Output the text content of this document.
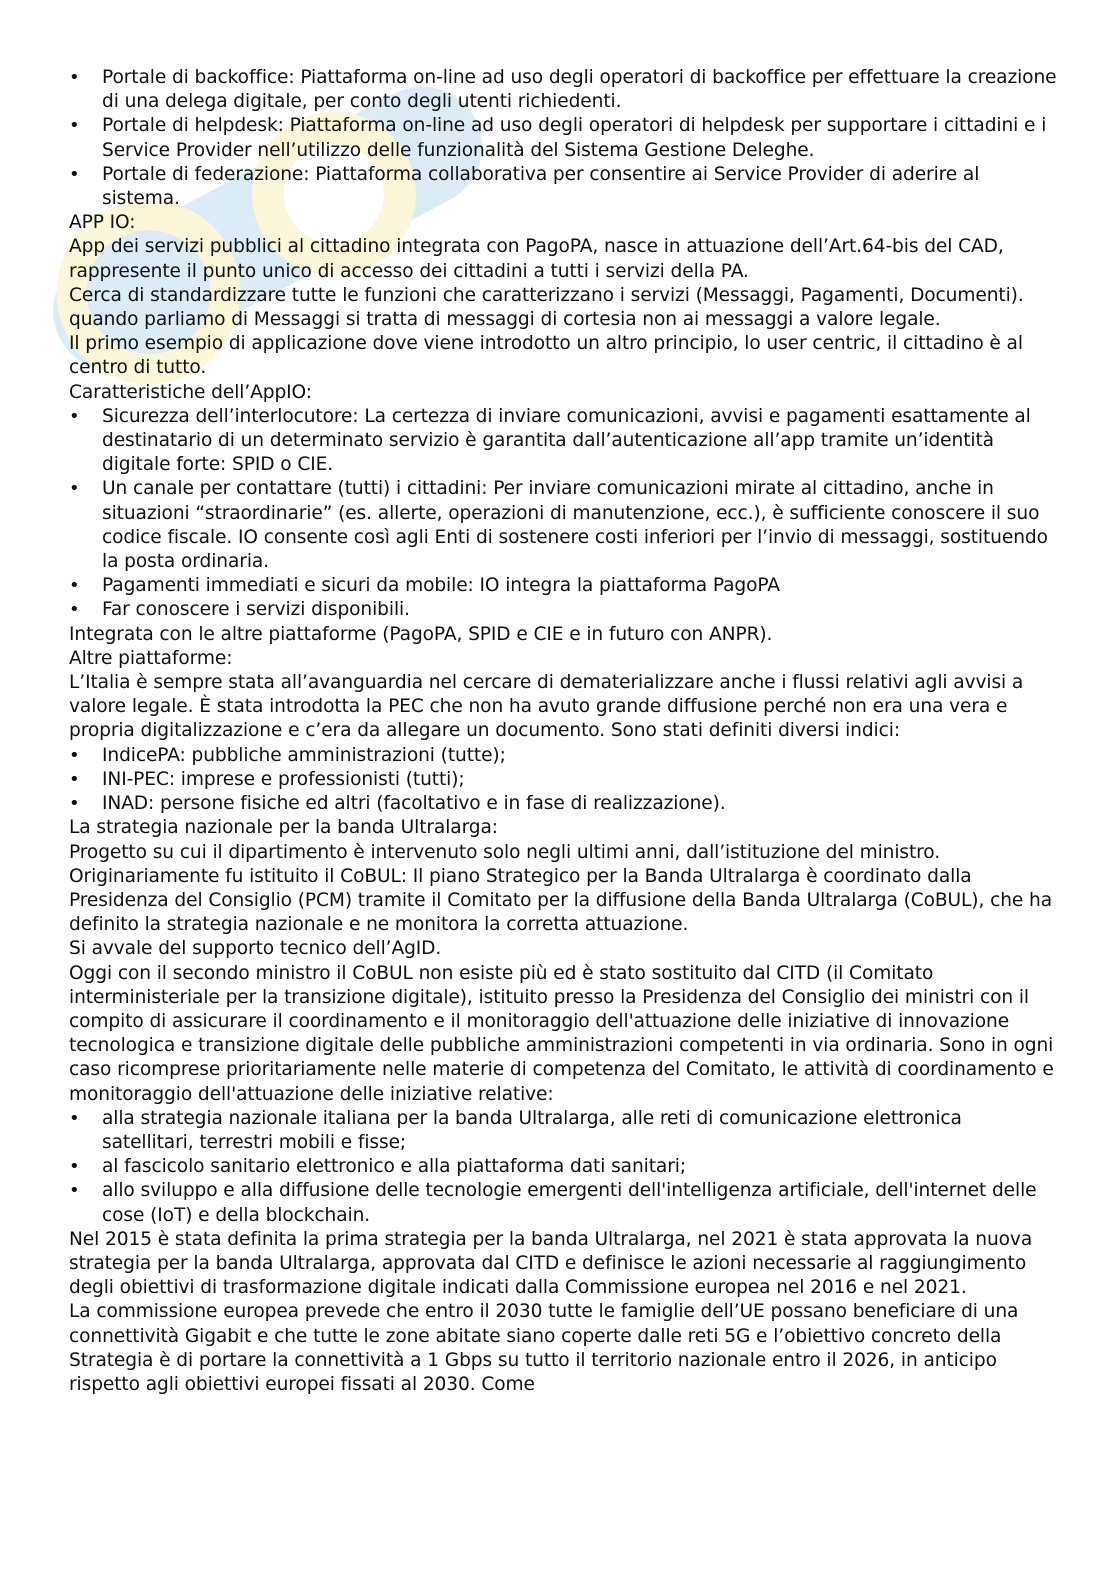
• Portale di backoffice: Piattaforma on-line ad uso degli operatori di backoffice per effettuare la creazione di una delega digitale, per conto degli utenti richiedenti.
• Portale di helpdesk: Piattaforma on-line ad uso degli operatori di helpdesk per supportare i cittadini e i Service Provider nell’utilizzo delle funzionalità del Sistema Gestione Deleghe.
• Portale di federazione: Piattaforma collaborativa per consentire ai Service Provider di aderire al sistema.

APP IO:

App dei servizi pubblici al cittadino integrata con PagoPA, nasce in attuazione dell’Art.64-bis del CAD, rappresente il punto unico di accesso dei cittadini a tutti i servizi della PA.

Cerca di standardizzare tutte le funzioni che caratterizzano i servizi (Messaggi, Pagamenti, Documenti).

quando parliamo di Messaggi si tratta di messaggi di cortesia non ai messaggi a valore legale.

Il primo esempio di applicazione dove viene introdotto un altro principio, lo user centric, il cittadino è al centro di tutto.

Caratteristiche dell’AppIO:

• Sicurezza dell’interlocutore: La certezza di inviare comunicazioni, avvisi e pagamenti esattamente al destinatario di un determinato servizio è garantita dall’autenticazione all’app tramite un’identità digitale forte: SPID o CIE.
• Un canale per contattare (tutti) i cittadini: Per inviare comunicazioni mirate al cittadino, anche in situazioni “straordinarie” (es. allerte, operazioni di manutenzione, ecc.), è sufficiente conoscere il suo codice fiscale. IO consente così agli Enti di sostenere costi inferiori per l’invio di messaggi, sostituendo la posta ordinaria.
• Pagamenti immediati e sicuri da mobile: IO integra la piattaforma PagoPA
• Far conoscere i servizi disponibili.

Integrata con le altre piattaforme (PagoPA, SPID e CIE e in futuro con ANPR).

Altre piattaforme:

L’Italia è sempre stata all’avanguardia nel cercare di dematerializzare anche i flussi relativi agli avvisi a valore legale. È stata introdotta la PEC che non ha avuto grande diffusione perché non era una vera e propria digitalizzazione e c’era da allegare un documento. Sono stati definiti diversi indici:

• IndicePA: pubbliche amministrazioni (tutte);
• INI-PEC: imprese e professionisti (tutti);
• INAD: persone fisiche ed altri (facoltativo e in fase di realizzazione).

La strategia nazionale per la banda Ultralarga:

Progetto su cui il dipartimento è intervenuto solo negli ultimi anni, dall’istituzione del ministro.

Originariamente fu istituito il CoBUL: Il piano Strategico per la Banda Ultralarga è coordinato dalla Presidenza del Consiglio (PCM) tramite il Comitato per la diffusione della Banda Ultralarga (CoBUL), che ha definito la strategia nazionale e ne monitora la corretta attuazione.

Si avvale del supporto tecnico dell’AgID.

Oggi con il secondo ministro il CoBUL non esiste più ed è stato sostituito dal CITD (il Comitato interministeriale per la transizione digitale), istituito presso la Presidenza del Consiglio dei ministri con il compito di assicurare il coordinamento e il monitoraggio dell'attuazione delle iniziative di innovazione tecnologica e transizione digitale delle pubbliche amministrazioni competenti in via ordinaria. Sono in ogni caso ricomprese prioritariamente nelle materie di competenza del Comitato, le attività di coordinamento e monitoraggio dell'attuazione delle iniziative relative:

• alla strategia nazionale italiana per la banda Ultralarga, alle reti di comunicazione elettronica satellitari, terrestri mobili e fisse;
• al fascicolo sanitario elettronico e alla piattaforma dati sanitari;
• allo sviluppo e alla diffusione delle tecnologie emergenti dell'intelligenza artificiale, dell'internet delle cose (IoT) e della blockchain.

Nel 2015 è stata definita la prima strategia per la banda Ultralarga, nel 2021 è stata approvata la nuova strategia per la banda Ultralarga, approvata dal CITD e definisce le azioni necessarie al raggiungimento degli obiettivi di trasformazione digitale indicati dalla Commissione europea nel 2016 e nel 2021.

La commissione europea prevede che entro il 2030 tutte le famiglie dell’UE possano beneficiare di una connettività Gigabit e che tutte le zone abitate siano coperte dalle reti 5G e l’obiettivo concreto della Strategia è di portare la connettività a 1 Gbps su tutto il territorio nazionale entro il 2026, in anticipo rispetto agli obiettivi europei fissati al 2030. Come
